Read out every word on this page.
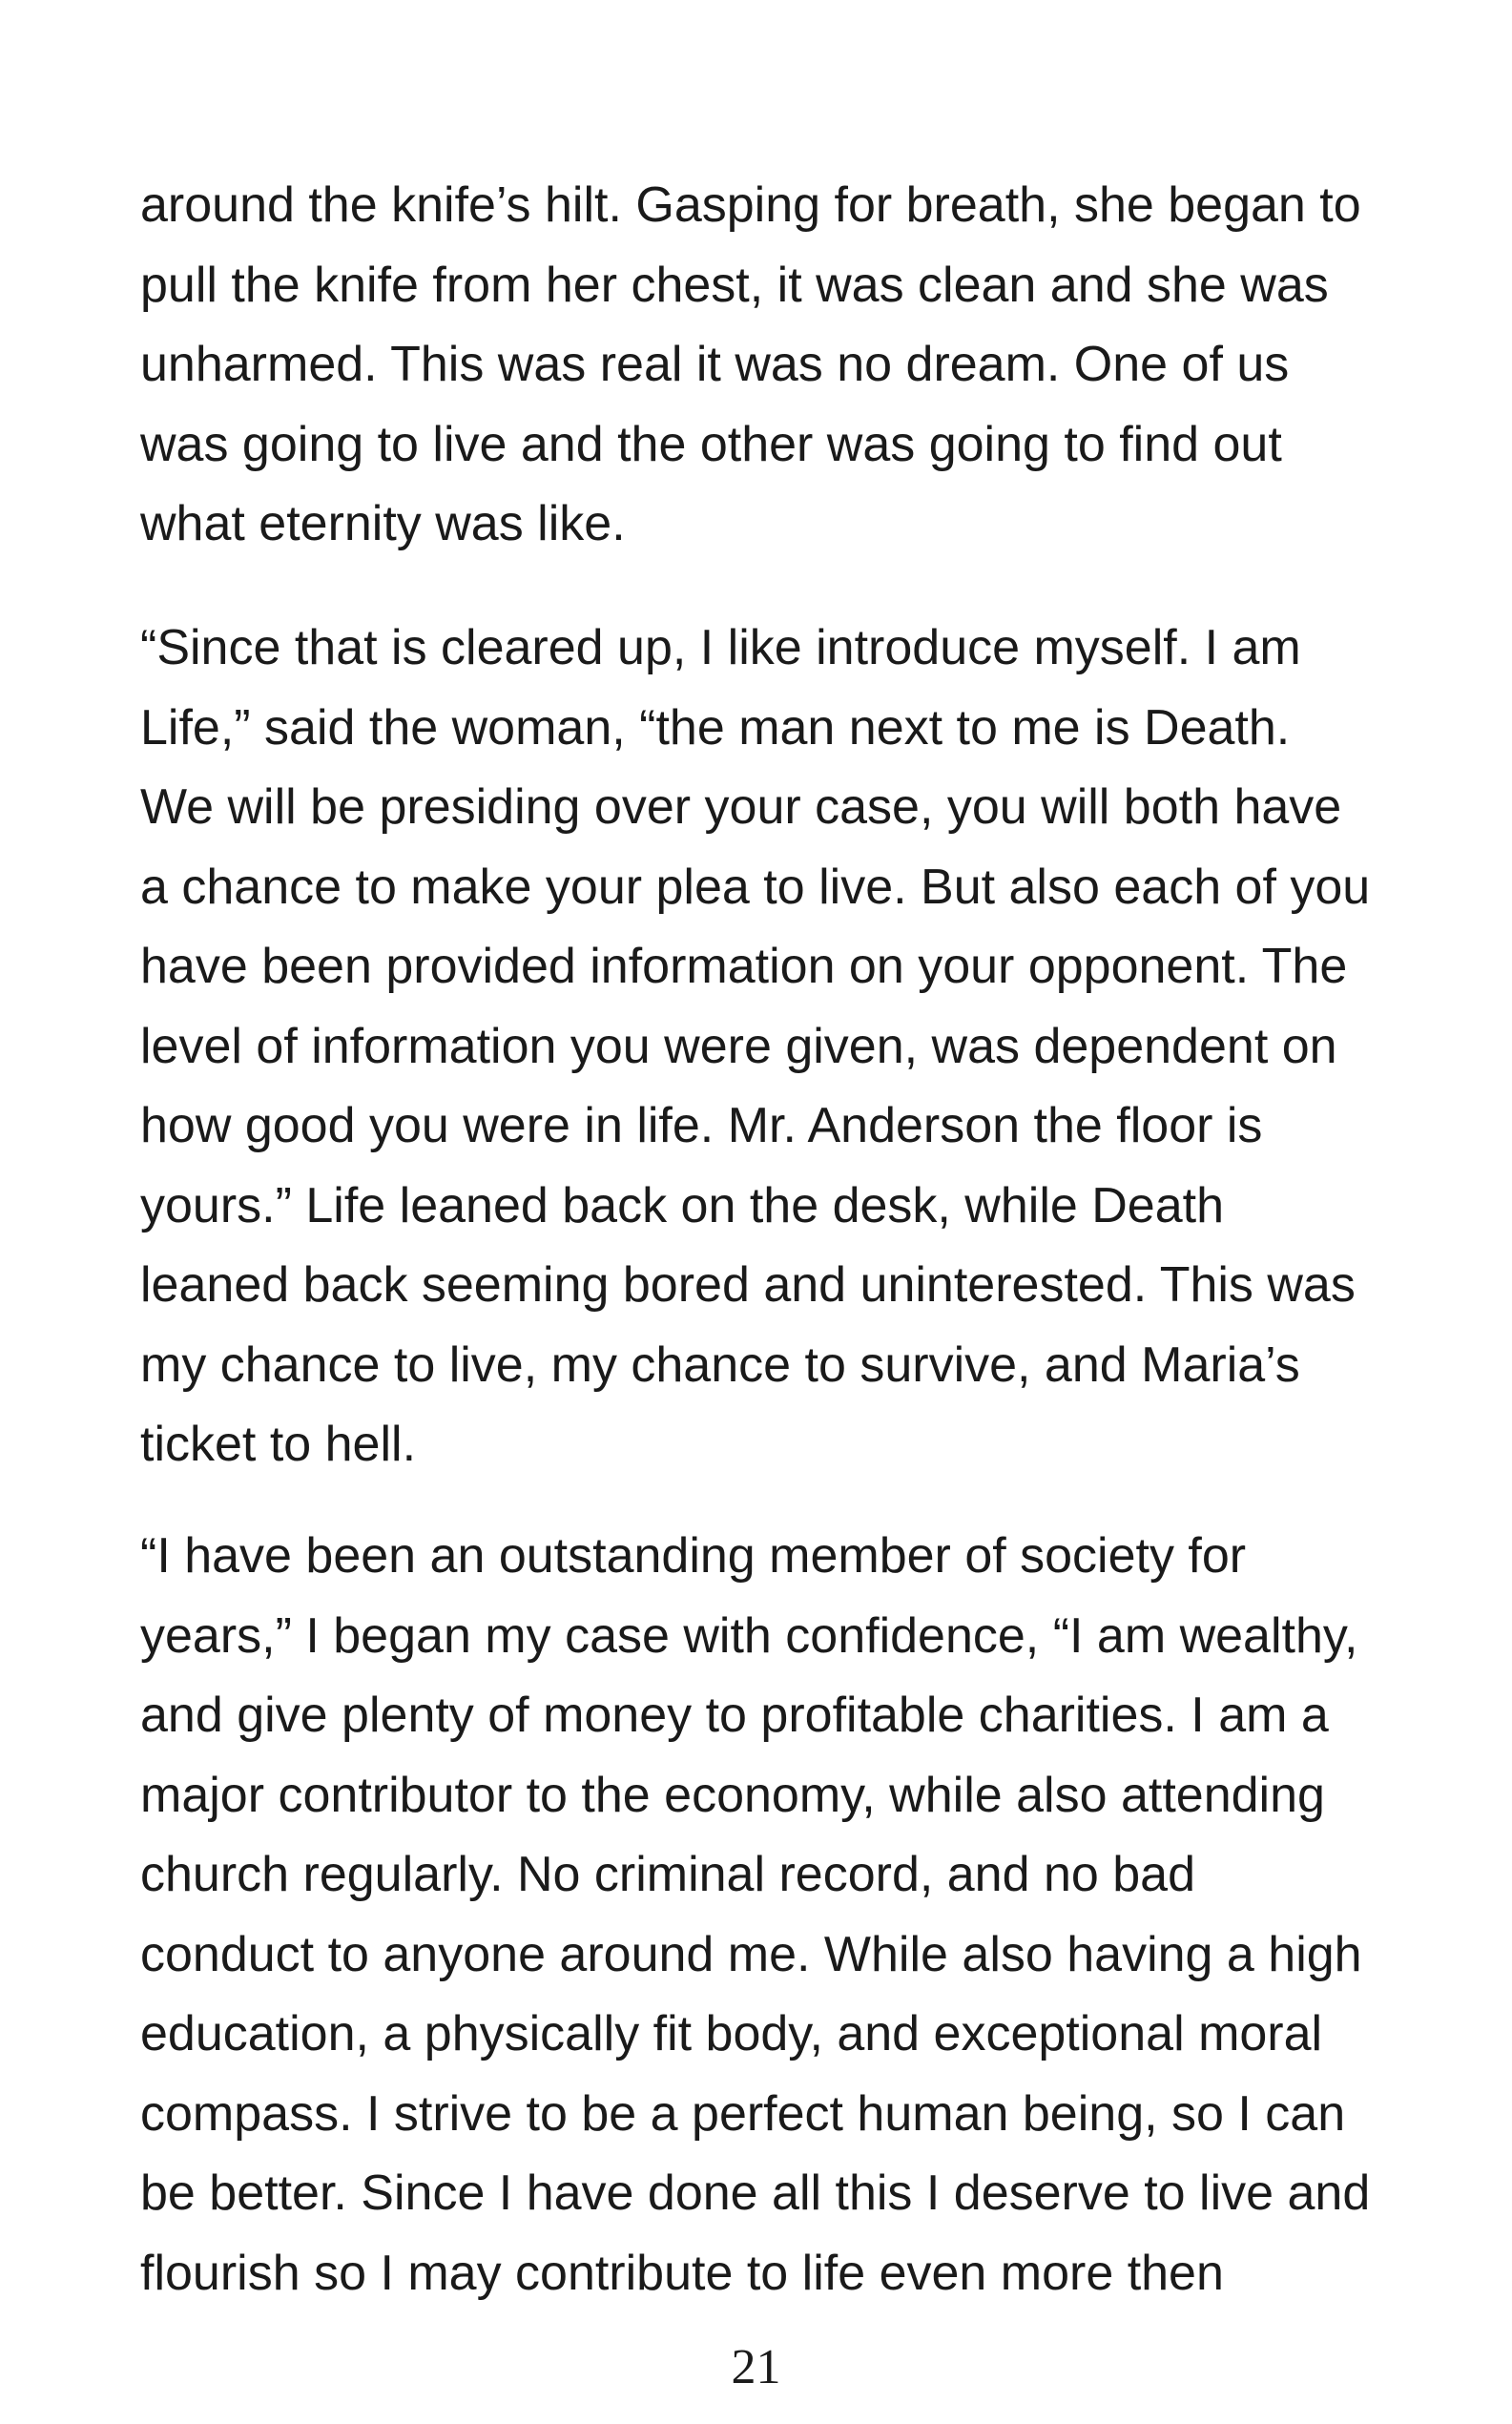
around the knife’s hilt. Gasping for breath, she began to
pull the knife from her chest, it was clean and she was
unharmed. This was real it was no dream. One of us
was going to live and the other was going to find out
what eternity was like.
“Since that is cleared up, I like introduce myself. I am
Life,” said the woman, “the man next to me is Death.
We will be presiding over your case, you will both have
a chance to make your plea to live. But also each of you
have been provided information on your opponent. The
level of information you were given, was dependent on
how good you were in life. Mr. Anderson the floor is
yours.” Life leaned back on the desk, while Death
leaned back seeming bored and uninterested. This was
my chance to live, my chance to survive, and Maria’s
ticket to hell.
“I have been an outstanding member of society for
years,” I began my case with confidence, “I am wealthy,
and give plenty of money to profitable charities. I am a
major contributor to the economy, while also attending
church regularly. No criminal record, and no bad
conduct to anyone around me. While also having a high
education, a physically fit body, and exceptional moral
compass. I strive to be a perfect human being, so I can
be better. Since I have done all this I deserve to live and
flourish so I may contribute to life even more then
21
